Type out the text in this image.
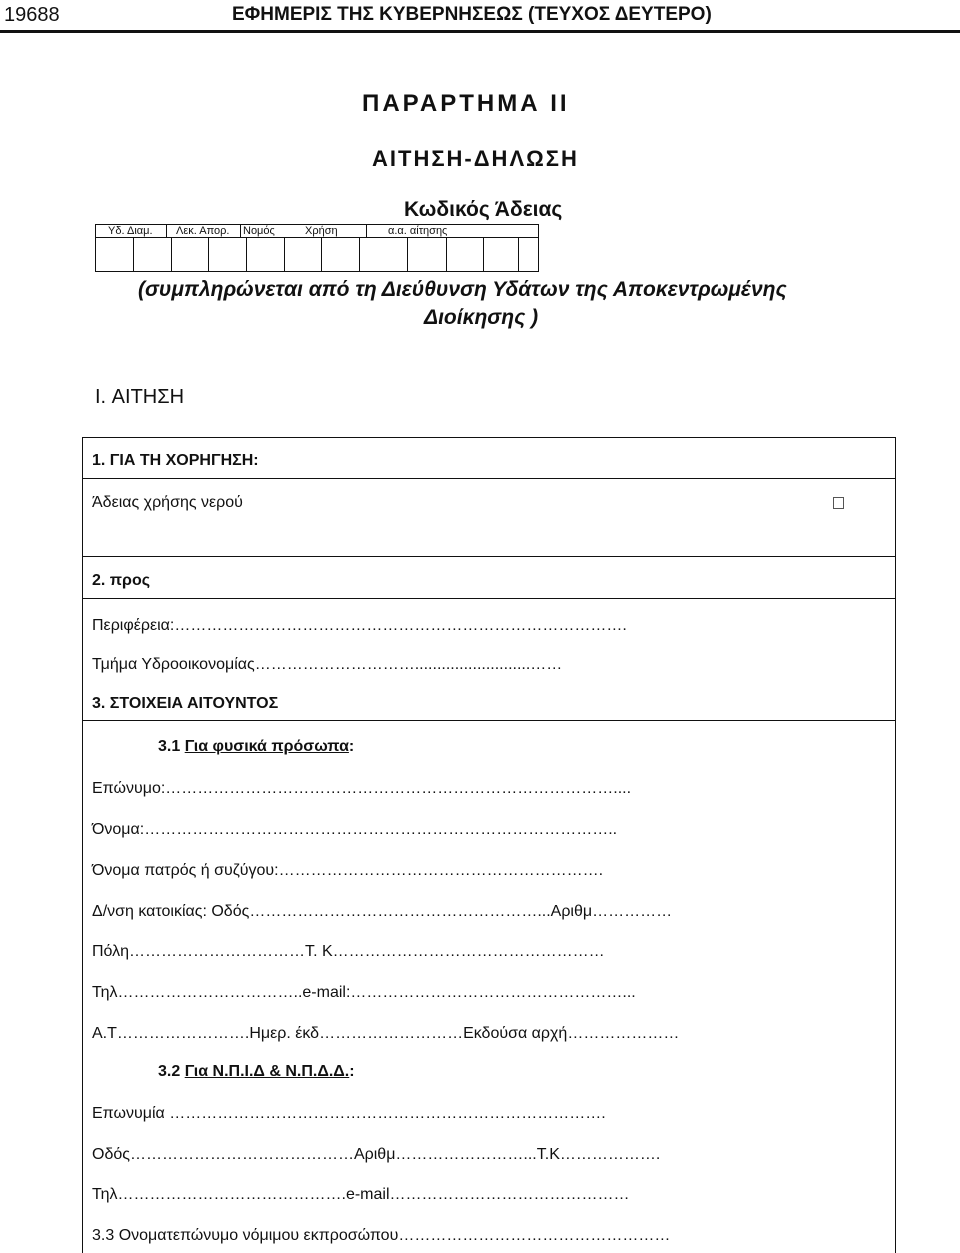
19688	ΕΦΗΜΕΡΙΣ ΤΗΣ ΚΥΒΕΡΝΗΣΕΩΣ (ΤΕΥΧΟΣ ΔΕΥΤΕΡΟ)
ΠΑΡΑΡΤΗΜΑ II
ΑΙΤΗΣΗ-ΔΗΛΩΣΗ
Κωδικός Άδειας
Υδ. Διαμ. Λεκ. Απορ. Νομός	Χρήση	α.α. αίτησης
(συμπληρώνεται από τη Διεύθυνση Υδάτων της Αποκεντρωμένης
Διοίκησης )
I. ΑΙΤΗΣΗ
1. ΓΙΑ ΤΗ ΧΟΡΗΓΗΣΗ:
Άδειας χρήσης νερού
2. προς
Περιφέρεια:………………………………………………………………………….
Τμήμα Υδροοικονομίας…………………………..........................……
3. ΣΤΟΙΧΕΙΑ ΑΙΤΟΥΝΤΟΣ
3.1 Για φυσικά πρόσωπα:
Επώνυμο:…………………………………………………………………………....
Όνομα:……………………………………………………………………………..
Όνομα πατρός ή συζύγου:…………………………………………………….
Δ/νση κατοικίας: Οδός………………………………………………...Αριθμ……………
Πόλη……………………………Τ. Κ……………………………………………
Τηλ……………………………..e-mail:……………………………………………...
Α.Τ…………………….Ημερ. έκδ………………………Εκδούσα αρχή…………………
3.2 Για Ν.Π.Ι.Δ & Ν.Π.Δ.Δ.:
Επωνυμία ……………………………………………………………………….
Οδός……………………………………Αριθμ……………………...Τ.Κ……………….
Τηλ…………………………………….e-mail………………………………………
3.3 Ονοματεπώνυμο νόμιμου εκπροσώπου……………………………………………
